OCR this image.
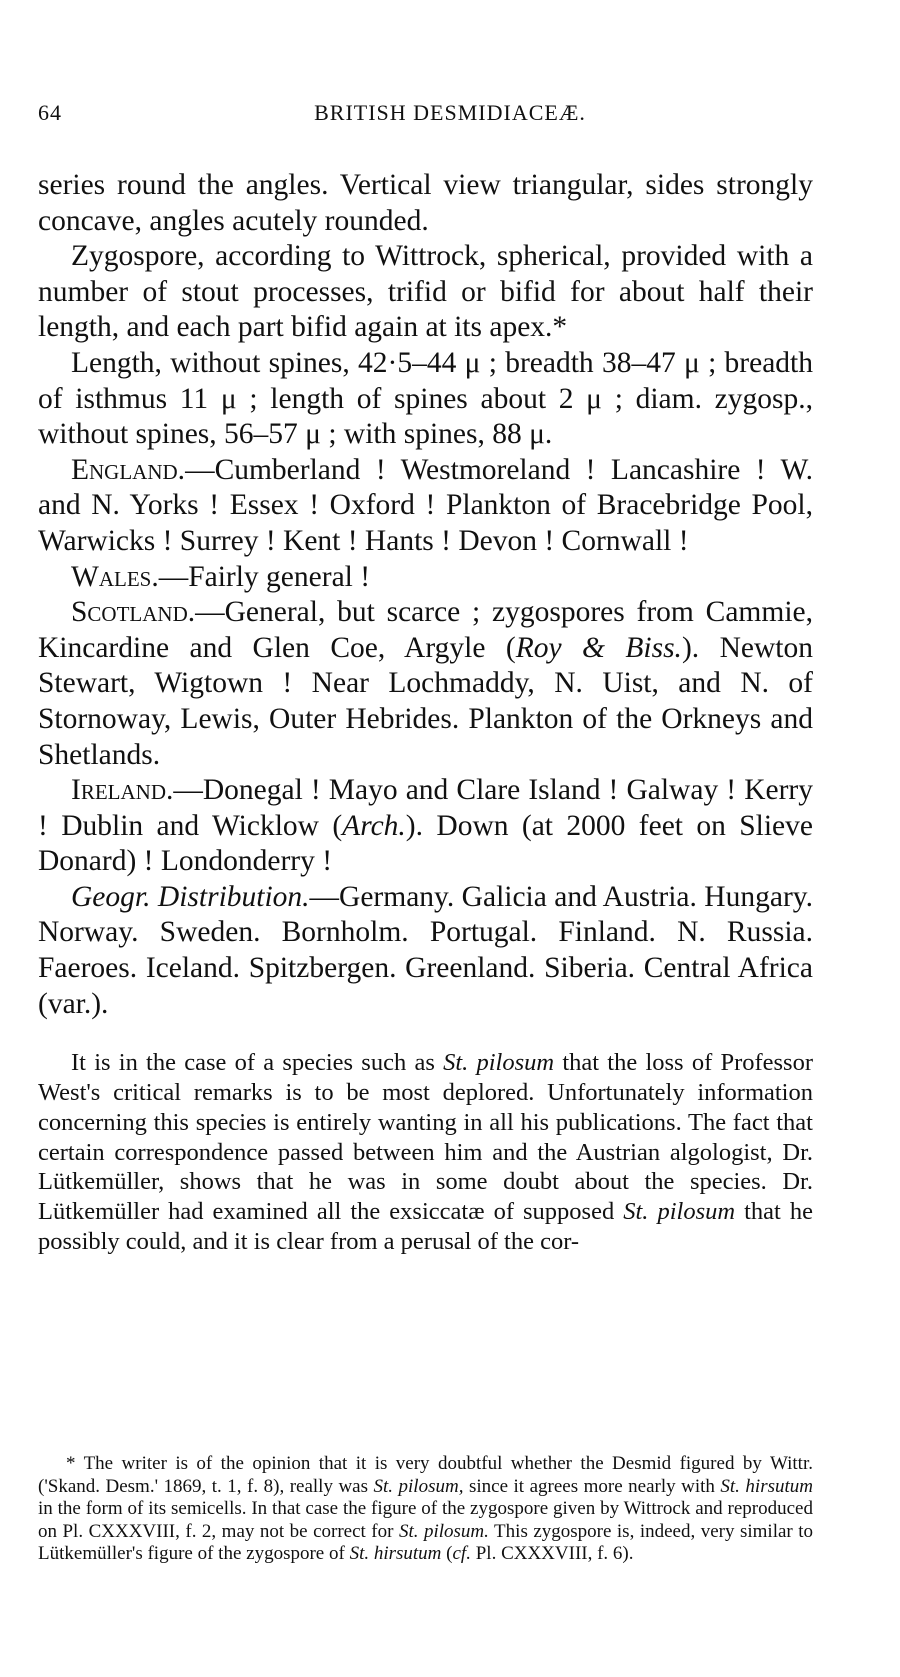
64	BRITISH DESMIDIACEÆ.

series round the angles. Vertical view triangular, sides strongly concave, angles acutely rounded.

Zygospore, according to Wittrock, spherical, provided with a number of stout processes, trifid or bifid for about half their length, and each part bifid again at its apex.*

Length, without spines, 42·5–44 μ ; breadth 38–47 μ ; breadth of isthmus 11 μ ; length of spines about 2 μ ; diam. zygosp., without spines, 56–57 μ ; with spines, 88 μ.

England.—Cumberland ! Westmoreland ! Lancashire ! W. and N. Yorks ! Essex ! Oxford ! Plankton of Bracebridge Pool, Warwicks ! Surrey ! Kent ! Hants ! Devon ! Cornwall !

Wales.—Fairly general !

Scotland.—General, but scarce ; zygospores from Cammie, Kincardine and Glen Coe, Argyle (Roy & Biss.). Newton Stewart, Wigtown ! Near Lochmaddy, N. Uist, and N. of Stornoway, Lewis, Outer Hebrides. Plankton of the Orkneys and Shetlands.

Ireland.—Donegal ! Mayo and Clare Island ! Galway ! Kerry ! Dublin and Wicklow (Arch.). Down (at 2000 feet on Slieve Donard) ! Londonderry !

Geogr. Distribution.—Germany. Galicia and Austria. Hungary. Norway. Sweden. Bornholm. Portugal. Finland. N. Russia. Faeroes. Iceland. Spitzbergen. Greenland. Siberia. Central Africa (var.).

It is in the case of a species such as St. pilosum that the loss of Professor West's critical remarks is to be most deplored. Unfortunately information concerning this species is entirely wanting in all his publications. The fact that certain correspondence passed between him and the Austrian algologist, Dr. Lütkemüller, shows that he was in some doubt about the species. Dr. Lütkemüller had examined all the exsiccatæ of supposed St. pilosum that he possibly could, and it is clear from a perusal of the cor-

* The writer is of the opinion that it is very doubtful whether the Desmid figured by Wittr. ('Skand. Desm.' 1869, t. 1, f. 8), really was St. pilosum, since it agrees more nearly with St. hirsutum in the form of its semicells. In that case the figure of the zygospore given by Wittrock and reproduced on Pl. CXXXVIII, f. 2, may not be correct for St. pilosum. This zygospore is, indeed, very similar to Lütkemüller's figure of the zygospore of St. hirsutum (cf. Pl. CXXXVIII, f. 6).
